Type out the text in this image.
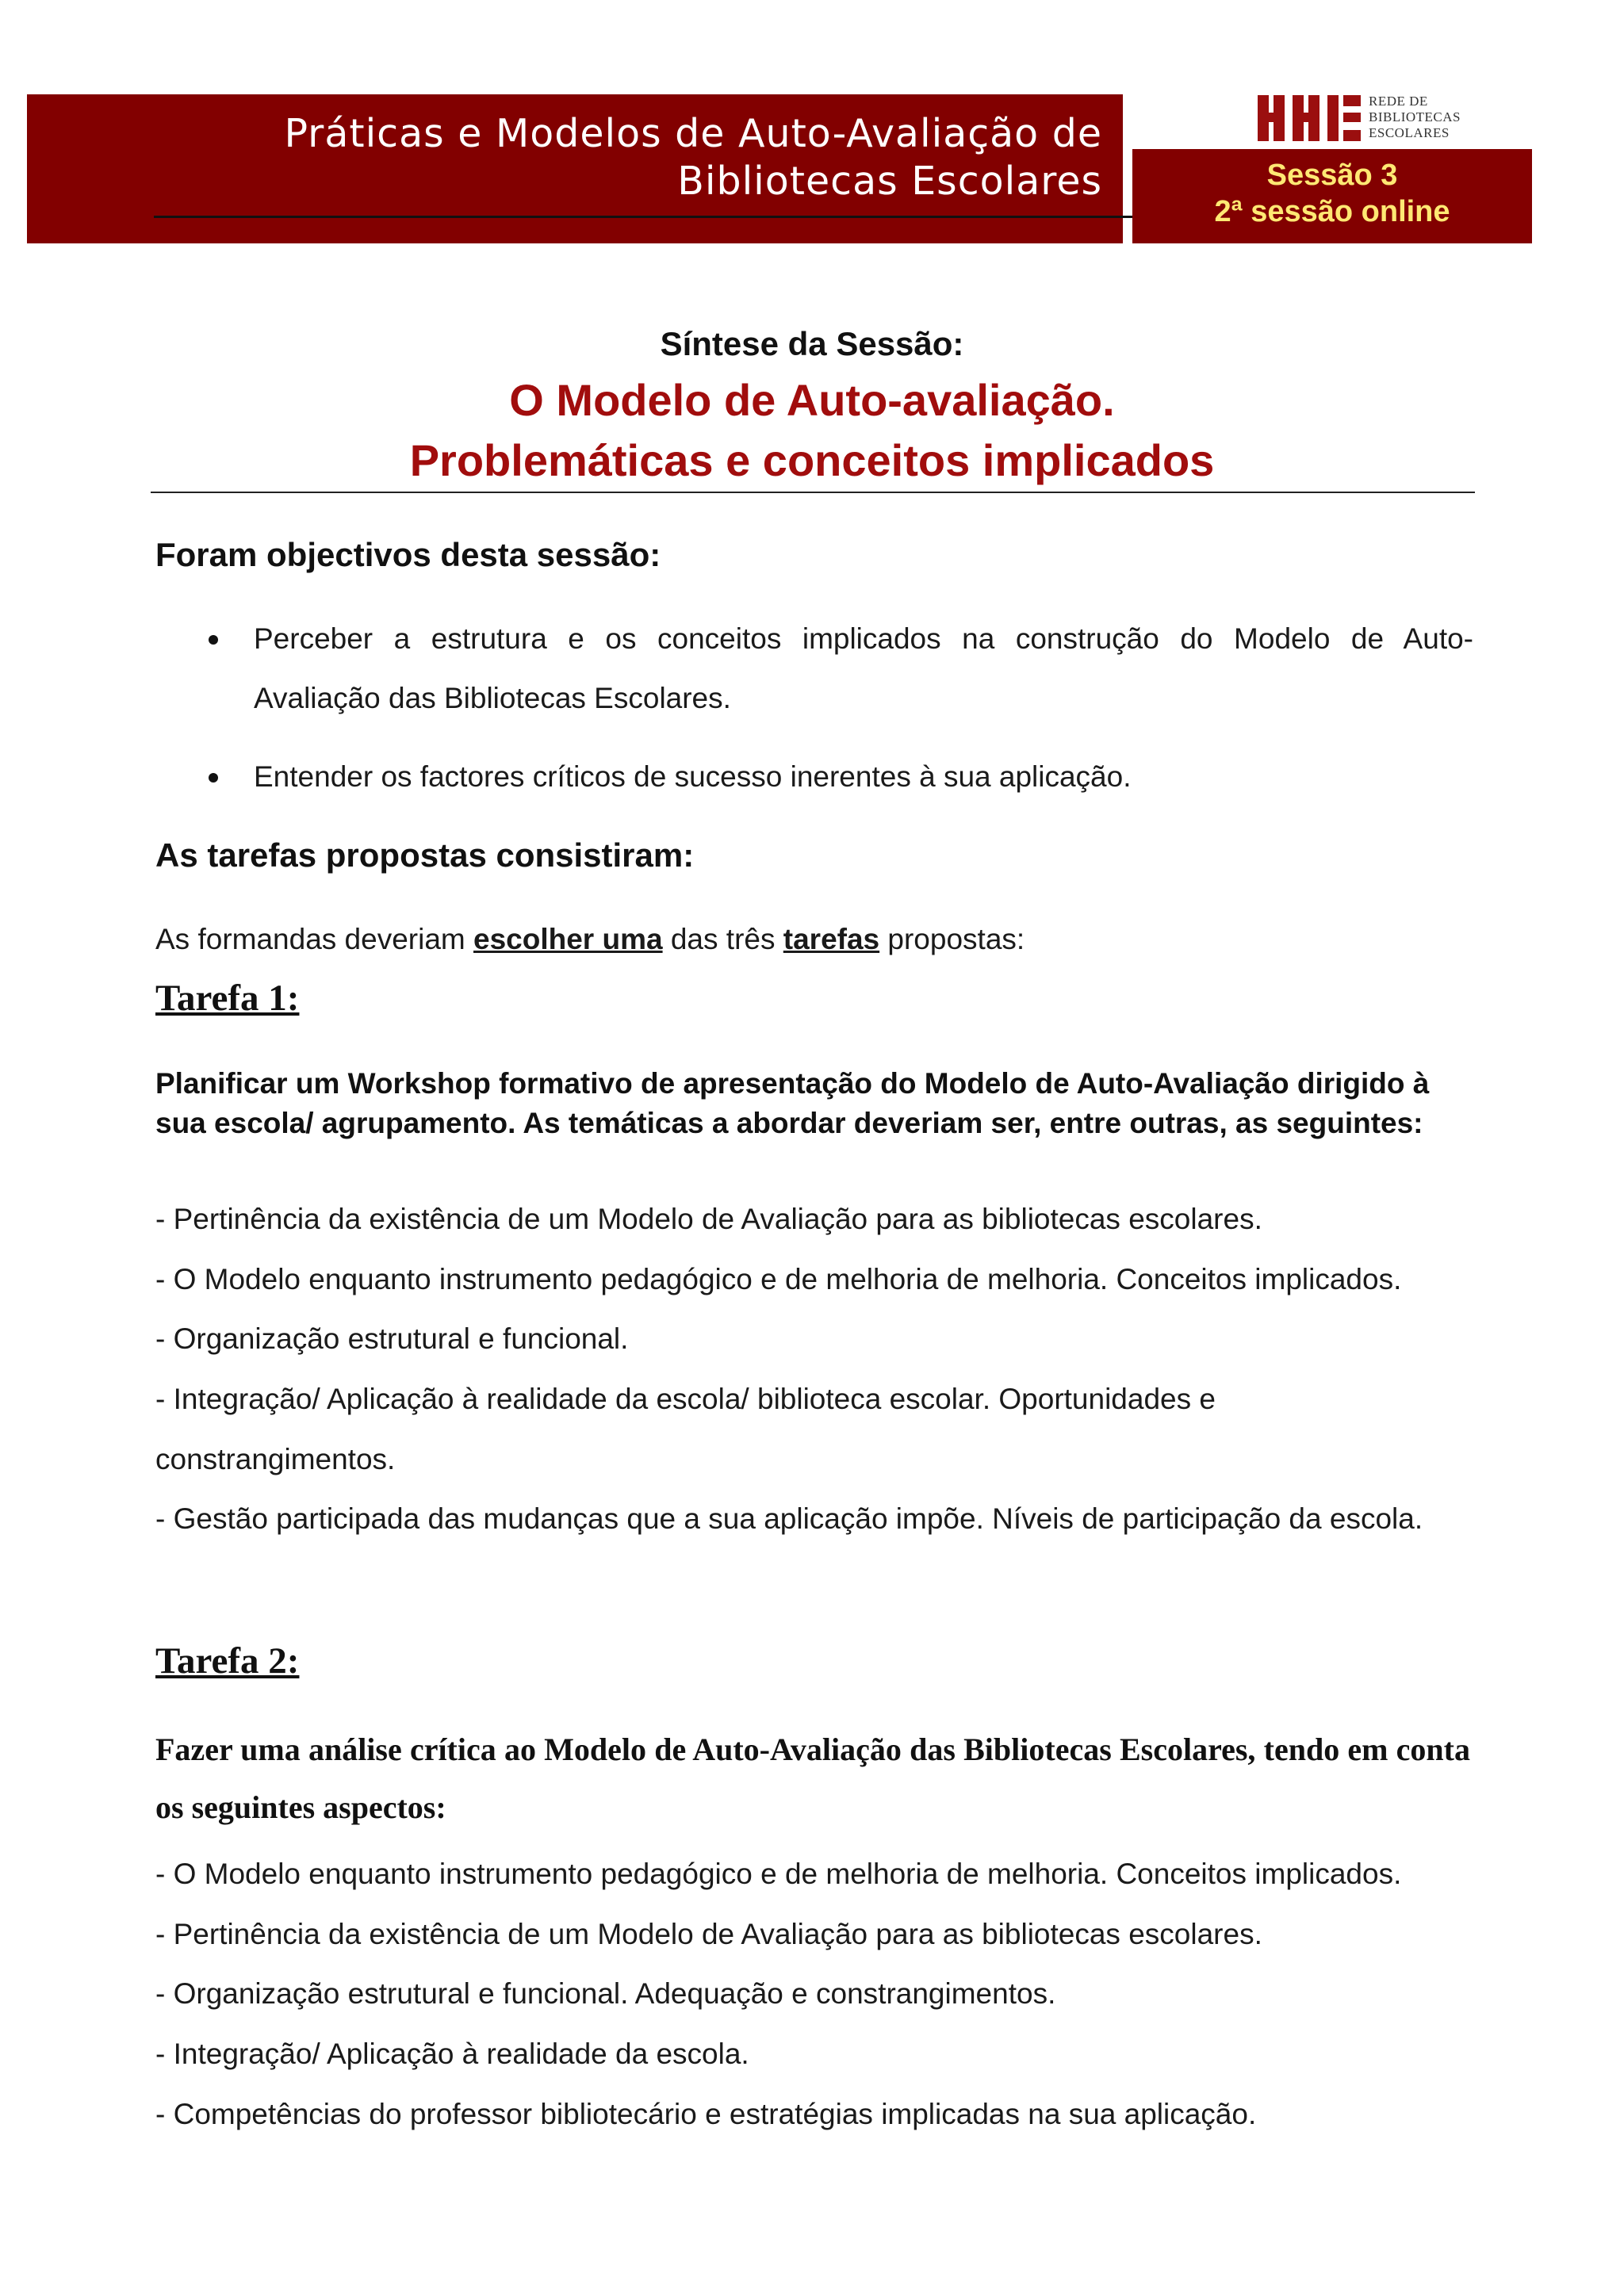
Práticas e Modelos de Auto-Avaliação de
Bibliotecas Escolares
REDE DE
BIBLIOTECAS
ESCOLARES
Sessão 3
2ª sessão online
Síntese da Sessão:
O Modelo de Auto-avaliação.
Problemáticas e conceitos implicados
Foram objectivos desta sessão:
Perceber a estrutura e os conceitos implicados na construção do Modelo de Auto-
Avaliação das Bibliotecas Escolares.
Entender os factores críticos de sucesso inerentes à sua aplicação.
As tarefas propostas consistiram:
As formandas deveriam escolher uma das três tarefas propostas:
Tarefa 1:
Planificar um Workshop formativo de apresentação do Modelo de Auto-Avaliação dirigido à sua escola/ agrupamento. As temáticas a abordar deveriam ser, entre outras, as seguintes:
- Pertinência da existência de um Modelo de Avaliação para as bibliotecas escolares.
- O Modelo enquanto instrumento pedagógico e de melhoria de melhoria. Conceitos implicados.
- Organização estrutural e funcional.
- Integração/ Aplicação à realidade da escola/ biblioteca escolar. Oportunidades e
constrangimentos.
- Gestão participada das mudanças que a sua aplicação impõe. Níveis de participação da escola.
Tarefa 2:
Fazer uma análise crítica ao Modelo de Auto-Avaliação das Bibliotecas Escolares, tendo em conta os seguintes aspectos:
- O Modelo enquanto instrumento pedagógico e de melhoria de melhoria. Conceitos implicados.
- Pertinência da existência de um Modelo de Avaliação para as bibliotecas escolares.
- Organização estrutural e funcional. Adequação e constrangimentos.
- Integração/ Aplicação à realidade da escola.
- Competências do professor bibliotecário e estratégias implicadas na sua aplicação.
